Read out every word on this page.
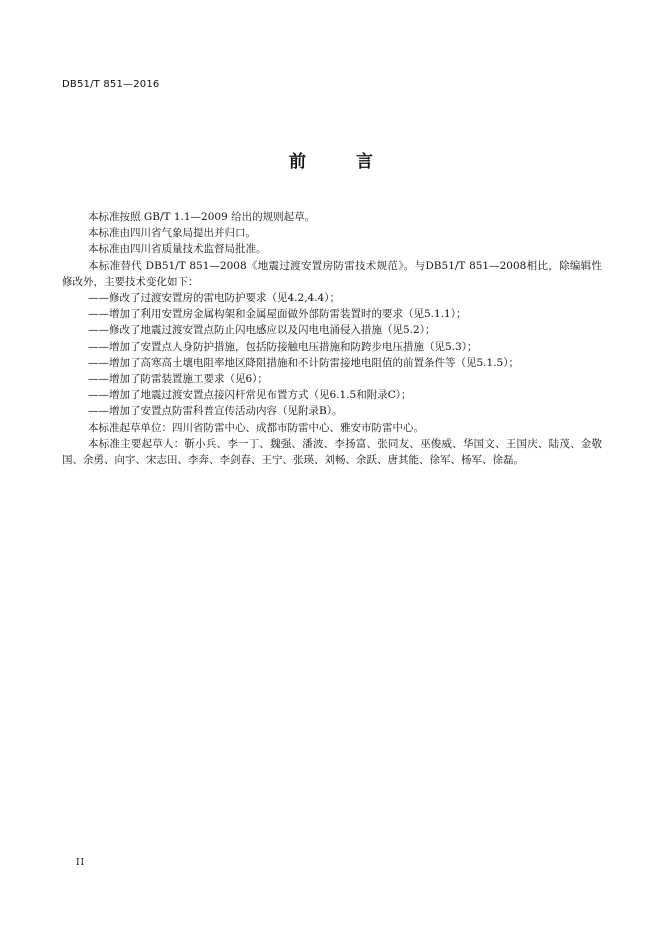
DB51/T 851—2016
前 言

本标准按照 GB/T 1.1—2009 给出的规则起草。

本标准由四川省气象局提出并归口。

本标准由四川省质量技术监督局批准。

本标准替代 DB51/T 851—2008《地震过渡安置房防雷技术规范》。与DB51/T 851—2008相比，除编辑性修改外，主要技术变化如下：

——修改了过渡安置房的雷电防护要求（见4.2,4.4）；

——增加了利用安置房金属构架和金属屋面做外部防雷装置时的要求（见5.1.1）；

——修改了地震过渡安置点防止闪电感应以及闪电电涌侵入措施（见5.2）；

——增加了安置点人身防护措施，包括防接触电压措施和防跨步电压措施（见5.3）；

——增加了高寒高土壤电阻率地区降阻措施和不计防雷接地电阻值的前置条件等（见5.1.5）；

——增加了防雷装置施工要求（见6）；

——增加了地震过渡安置点接闪杆常见布置方式（见6.1.5和附录C）；

——增加了安置点防雷科普宣传活动内容（见附录B）。

本标准起草单位：四川省防雷中心、成都市防雷中心、雅安市防雷中心。

本标准主要起草人：靳小兵、李一丁、魏强、潘波、李扬富、张同友、巫俊威、华国文、王国庆、陆茂、金敬国、余勇、向宇、宋志田、李奔、李剑春、王宁、张瑛、刘畅、余跃、唐其能、徐军、杨军、徐磊。

II
